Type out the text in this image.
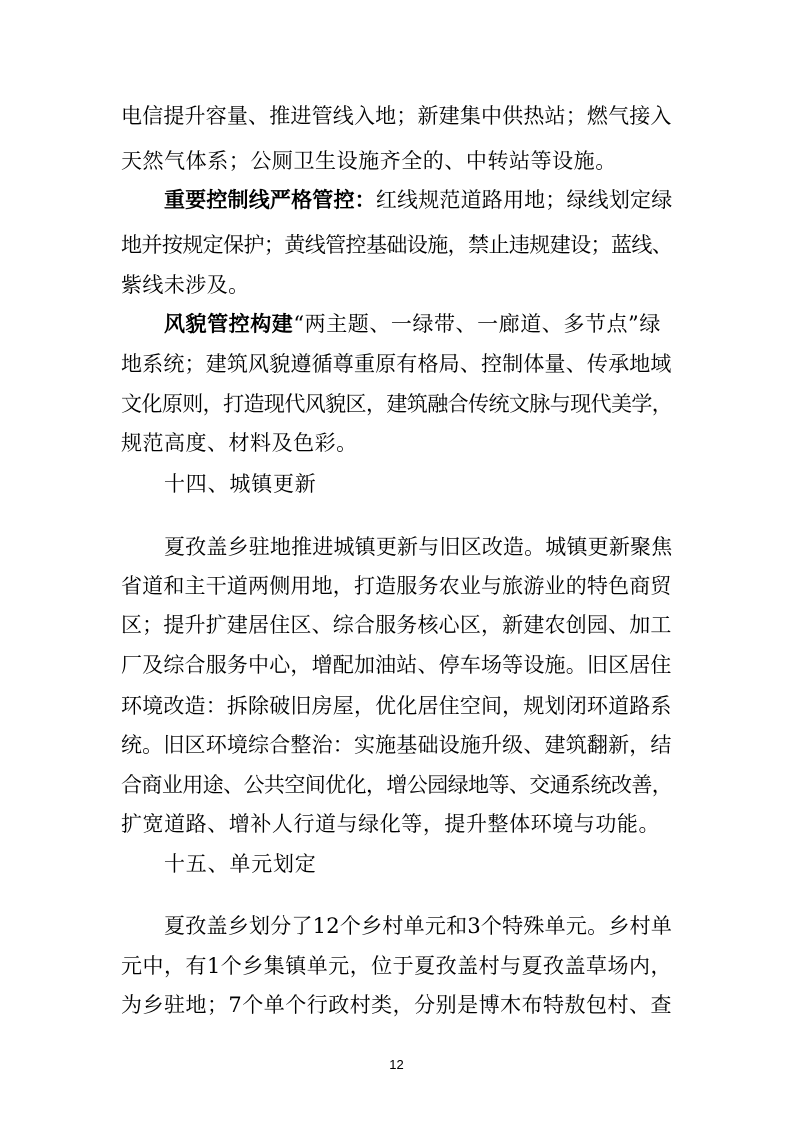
电信提升容量、推进管线入地；新建集中供热站；燃气接入
天然气体系；公厕卫生设施齐全的、中转站等设施。
重要控制线严格管控：红线规范道路用地；绿线划定绿
地并按规定保护；黄线管控基础设施，禁止违规建设；蓝线、
紫线未涉及。
风貌管控构建“两主题、一绿带、一廊道、多节点”绿
地系统；建筑风貌遵循尊重原有格局、控制体量、传承地域
文化原则，打造现代风貌区，建筑融合传统文脉与现代美学，
规范高度、材料及色彩。
十四、城镇更新
夏孜盖乡驻地推进城镇更新与旧区改造。城镇更新聚焦
省道和主干道两侧用地，打造服务农业与旅游业的特色商贸
区；提升扩建居住区、综合服务核心区，新建农创园、加工
厂及综合服务中心，增配加油站、停车场等设施。旧区居住
环境改造：拆除破旧房屋，优化居住空间，规划闭环道路系
统。旧区环境综合整治：实施基础设施升级、建筑翻新，结
合商业用途、公共空间优化，增公园绿地等、交通系统改善，
扩宽道路、增补人行道与绿化等，提升整体环境与功能。
十五、单元划定
夏孜盖乡划分了12个乡村单元和3个特殊单元。乡村单
元中，有1个乡集镇单元，位于夏孜盖村与夏孜盖草场内，
为乡驻地；7个单个行政村类，分别是博木布特敖包村、查
12
